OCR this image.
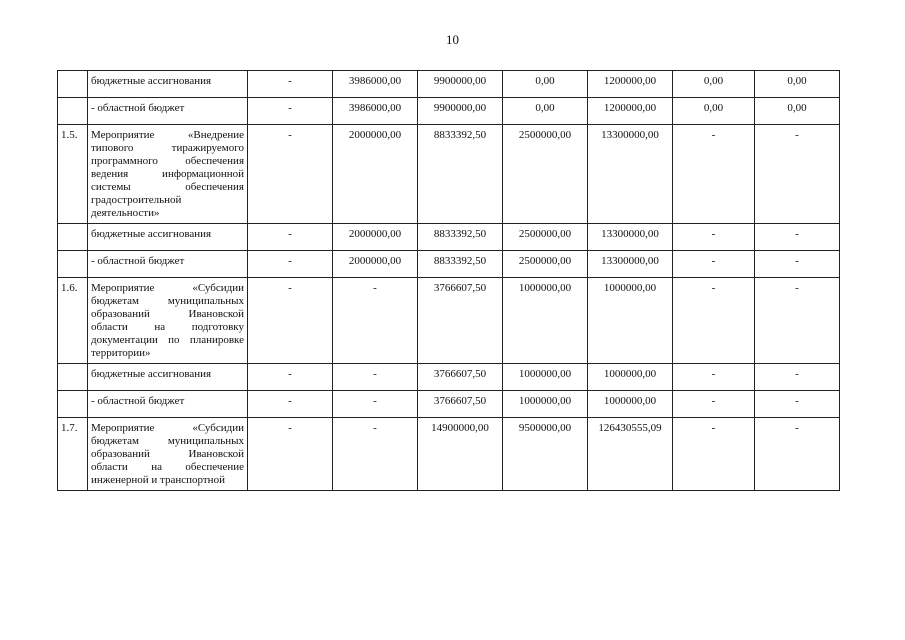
10
	бюджетные ассигнования	-	3986000,00	9900000,00	0,00	1200000,00	0,00	0,00
	- областной бюджет	-	3986000,00	9900000,00	0,00	1200000,00	0,00	0,00
1.5.	Мероприятие «Внедрение типового тиражируемого программного обеспечения ведения информационной системы обеспечения градостроительной деятельности»	-	2000000,00	8833392,50	2500000,00	13300000,00	-	-
	бюджетные ассигнования	-	2000000,00	8833392,50	2500000,00	13300000,00	-	-
	- областной бюджет	-	2000000,00	8833392,50	2500000,00	13300000,00	-	-
1.6.	Мероприятие «Субсидии бюджетам муниципальных образований Ивановской области на подготовку документации по планировке территории»	-	-	3766607,50	1000000,00	1000000,00	-	-
	бюджетные ассигнования	-	-	3766607,50	1000000,00	1000000,00	-	-
	- областной бюджет	-	-	3766607,50	1000000,00	1000000,00	-	-
1.7.	Мероприятие «Субсидии бюджетам муниципальных образований Ивановской области на обеспечение инженерной и транспортной	-	-	14900000,00	9500000,00	126430555,09	-	-
